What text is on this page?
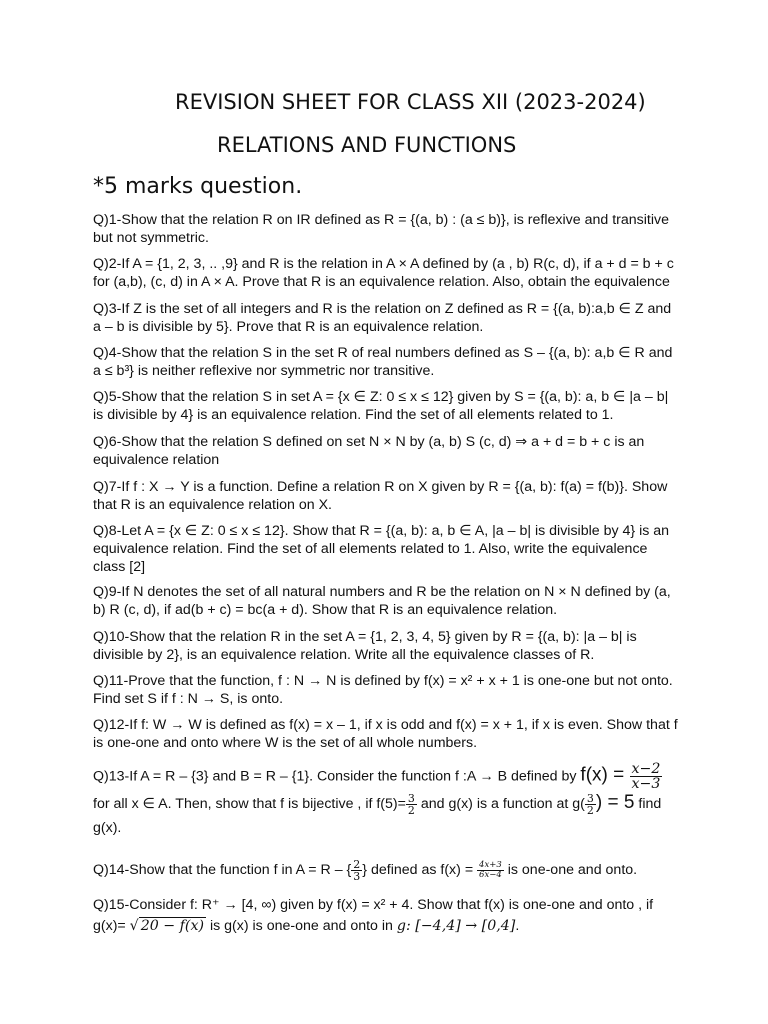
REVISION SHEET FOR CLASS XII (2023-2024)
RELATIONS AND FUNCTIONS
*5 marks question.
Q)1-Show that the relation R on IR defined as R = {(a, b) : (a ≤ b)}, is reflexive and transitive but not symmetric.
Q)2-If A = {1, 2, 3, .. ,9} and R is the relation in A × A defined by (a , b) R(c, d), if a + d = b + c for (a,b), (c, d) in A × A. Prove that R is an equivalence relation. Also, obtain the equivalence
Q)3-If Z is the set of all integers and R is the relation on Z defined as R = {(a, b):a,b ∈ Z and a – b is divisible by 5}. Prove that R is an equivalence relation.
Q)4-Show that the relation S in the set R of real numbers defined as S – {(a, b): a,b ∈ R and a ≤ b³} is neither reflexive nor symmetric nor transitive.
Q)5-Show that the relation S in set A = {x ∈ Z: 0 ≤ x ≤ 12} given by S = {(a, b): a, b ∈ |a – b| is divisible by 4} is an equivalence relation. Find the set of all elements related to 1.
Q)6-Show that the relation S defined on set N × N by (a, b) S (c, d) ⇒ a + d = b + c is an equivalence relation
Q)7-If f : X → Y is a function. Define a relation R on X given by R = {(a, b): f(a) = f(b)}. Show that R is an equivalence relation on X.
Q)8-Let A = {x ∈ Z: 0 ≤ x ≤ 12}. Show that R = {(a, b): a, b ∈ A, |a – b| is divisible by 4} is an equivalence relation. Find the set of all elements related to 1. Also, write the equivalence class [2]
Q)9-If N denotes the set of all natural numbers and R be the relation on N × N defined by (a, b) R (c, d), if ad(b + c) = bc(a + d). Show that R is an equivalence relation.
Q)10-Show that the relation R in the set A = {1, 2, 3, 4, 5} given by R = {(a, b): |a – b| is divisible by 2}, is an equivalence relation. Write all the equivalence classes of R.
Q)11-Prove that the function, f : N → N is defined by f(x) = x² + x + 1 is one-one but not onto. Find set S if f : N → S, is onto.
Q)12-If f: W → W is defined as f(x) = x – 1, if x is odd and f(x) = x + 1, if x is even. Show that f is one-one and onto where W is the set of all whole numbers.
Q)13-If A = R – {3} and B = R – {1}. Consider the function f :A → B defined by $f(x) = \frac{x-2}{x-3}$

for all x ∈ A. Then, show that f is bijective , if $f(5)= \frac{3}{2}$ and g(x) is a function at $g( \frac{3}{2}$ ) = 5 find g(x).
Q)14-Show that the function f in A = R – { $\frac{2}{3}$ } defined as $f(x) = \frac{4x+3}{6x-4}$ is one-one and onto.
Q)15-Consider f: R⁺ → [4, ∞) given by f(x) = x² + 4. Show that f(x) is one-one and onto , if g(x)= √ 20 − f(x) is g(x) is one-one and onto in g: [−4,4] → [0,4].
